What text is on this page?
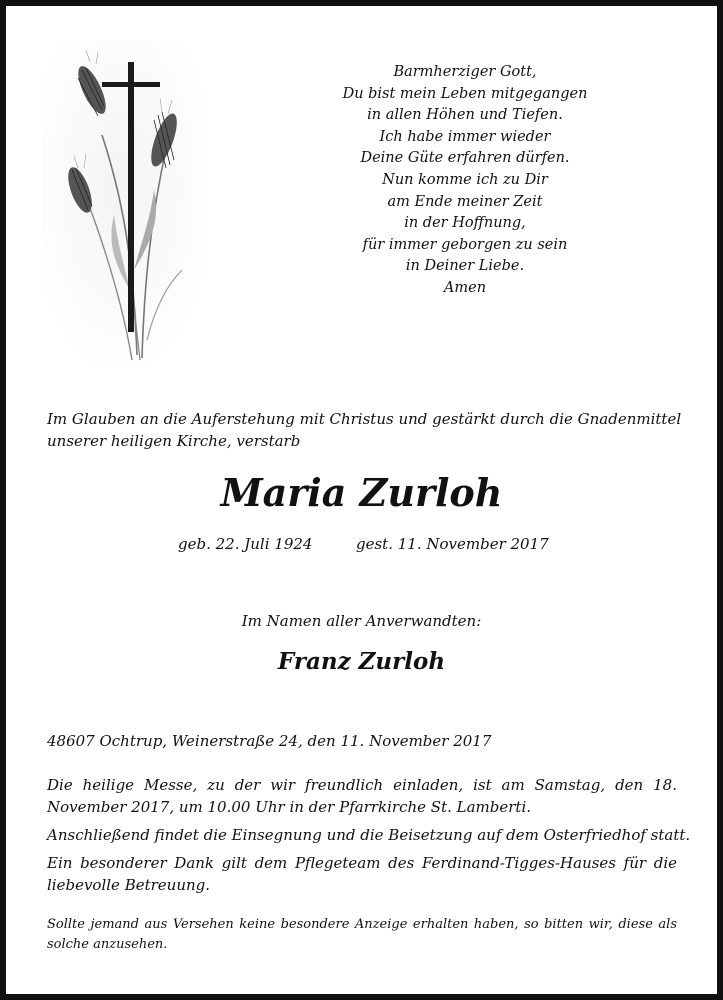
Barmherziger Gott,
Du bist mein Leben mitgegangen
in allen Höhen und Tiefen.
Ich habe immer wieder
Deine Güte erfahren dürfen.
Nun komme ich zu Dir
am Ende meiner Zeit
in der Hoffnung,
für immer geborgen zu sein
in Deiner Liebe.
Amen
Im Glauben an die Auferstehung mit Christus und gestärkt durch die Gnadenmittel
unserer heiligen Kirche, verstarb
Maria Zurloh
geb. 22. Juli 1924	gest. 11. November 2017
Im Namen aller Anverwandten:
Franz Zurloh
48607 Ochtrup, Weinerstraße 24, den 11. November 2017
Die heilige Messe, zu der wir freundlich einladen, ist am Samstag, den 18. November 2017, um 10.00 Uhr in der Pfarrkirche St. Lamberti.
Anschließend findet die Einsegnung und die Beisetzung auf dem Osterfriedhof statt.
Ein besonderer Dank gilt dem Pflegeteam des Ferdinand-Tigges-Hauses für die liebevolle Betreuung.
Sollte jemand aus Versehen keine besondere Anzeige erhalten haben, so bitten wir, diese als solche anzusehen.
